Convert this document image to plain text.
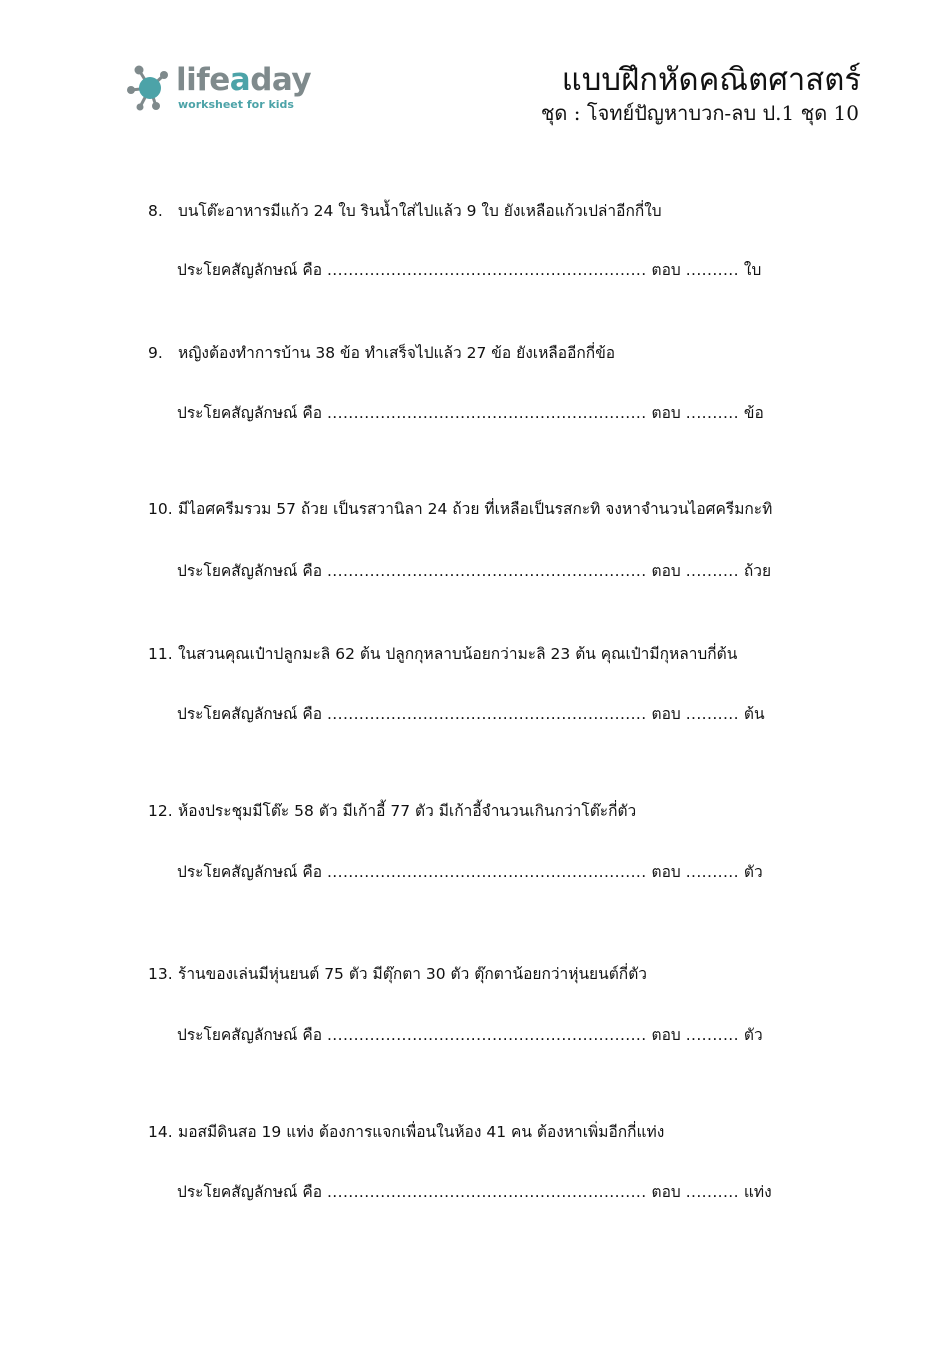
lifeaday
worksheet for kids
แบบฝึกหัดคณิตศาสตร์
ชุด : โจทย์ปัญหาบวก-ลบ ป.1 ชุด 10
8. บนโต๊ะอาหารมีแก้ว 24 ใบ รินน้ำใส่ไปแล้ว 9 ใบ ยังเหลือแก้วเปล่าอีกกี่ใบ
ประโยคสัญลักษณ์ คือ ............................................................ ตอบ .......... ใบ
9. หญิงต้องทำการบ้าน 38 ข้อ ทำเสร็จไปแล้ว 27 ข้อ ยังเหลืออีกกี่ข้อ
ประโยคสัญลักษณ์ คือ ............................................................ ตอบ .......... ข้อ
10. มีไอศครีมรวม 57 ถ้วย เป็นรสวานิลา 24 ถ้วย ที่เหลือเป็นรสกะทิ จงหาจำนวนไอศครีมกะทิ
ประโยคสัญลักษณ์ คือ ............................................................ ตอบ .......... ถ้วย
11. ในสวนคุณเป๋าปลูกมะลิ 62 ต้น ปลูกกุหลาบน้อยกว่ามะลิ 23 ต้น คุณเป๋ามีกุหลาบกี่ต้น
ประโยคสัญลักษณ์ คือ ............................................................ ตอบ .......... ต้น
12. ห้องประชุมมีโต๊ะ 58 ตัว มีเก้าอี้ 77 ตัว มีเก้าอี้จำนวนเกินกว่าโต๊ะกี่ตัว
ประโยคสัญลักษณ์ คือ ............................................................ ตอบ .......... ตัว
13. ร้านของเล่นมีหุ่นยนต์ 75 ตัว มีตุ๊กตา 30 ตัว ตุ๊กตาน้อยกว่าหุ่นยนต์กี่ตัว
ประโยคสัญลักษณ์ คือ ............................................................ ตอบ .......... ตัว
14. มอสมีดินสอ 19 แท่ง ต้องการแจกเพื่อนในห้อง 41 คน ต้องหาเพิ่มอีกกี่แท่ง
ประโยคสัญลักษณ์ คือ ............................................................ ตอบ .......... แท่ง
